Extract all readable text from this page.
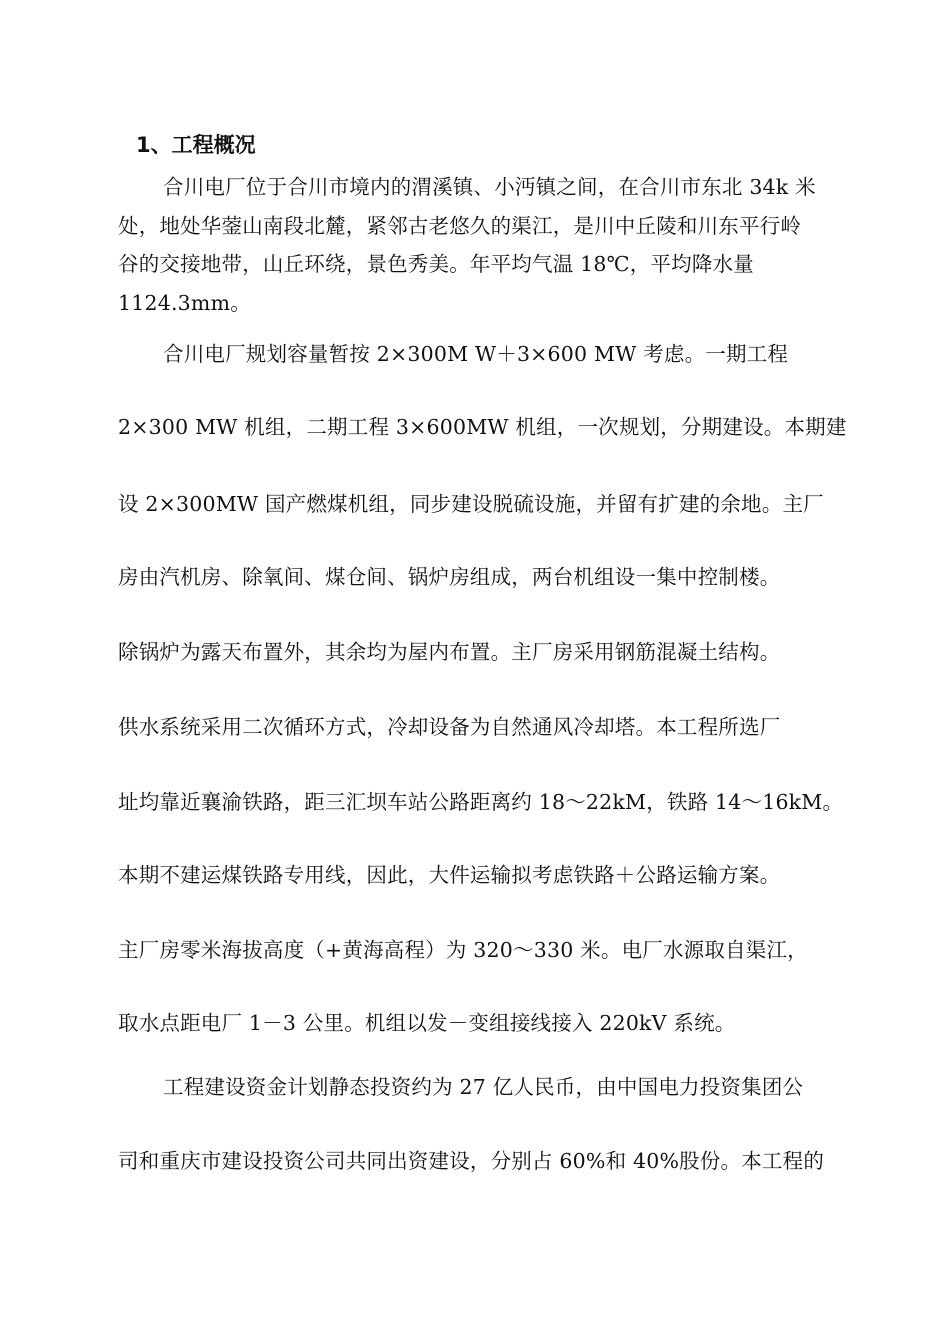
1、工程概况
合川电厂位于合川市境内的渭溪镇、小沔镇之间，在合川市东北 34k 米
处，地处华蓥山南段北麓，紧邻古老悠久的渠江，是川中丘陵和川东平行岭
谷的交接地带，山丘环绕，景色秀美。年平均气温 18℃，平均降水量
1124.3mm。
合川电厂规划容量暂按 2×300M W＋3×600 MW 考虑。一期工程
2×300 MW 机组，二期工程 3×600MW 机组，一次规划，分期建设。本期建
设 2×300MW 国产燃煤机组，同步建设脱硫设施，并留有扩建的余地。主厂
房由汽机房、除氧间、煤仓间、锅炉房组成，两台机组设一集中控制楼。
除锅炉为露天布置外，其余均为屋内布置。主厂房采用钢筋混凝土结构。
供水系统采用二次循环方式，冷却设备为自然通风冷却塔。本工程所选厂
址均靠近襄渝铁路，距三汇坝车站公路距离约 18～22kM，铁路 14～16kM。
本期不建运煤铁路专用线，因此，大件运输拟考虑铁路＋公路运输方案。
主厂房零米海拔高度（+黄海高程）为 320～330 米。电厂水源取自渠江，
取水点距电厂 1－3 公里。机组以发－变组接线接入 220kV 系统。
工程建设资金计划静态投资约为 27 亿人民币，由中国电力投资集团公
司和重庆市建设投资公司共同出资建设，分别占 60%和 40%股份。本工程的
